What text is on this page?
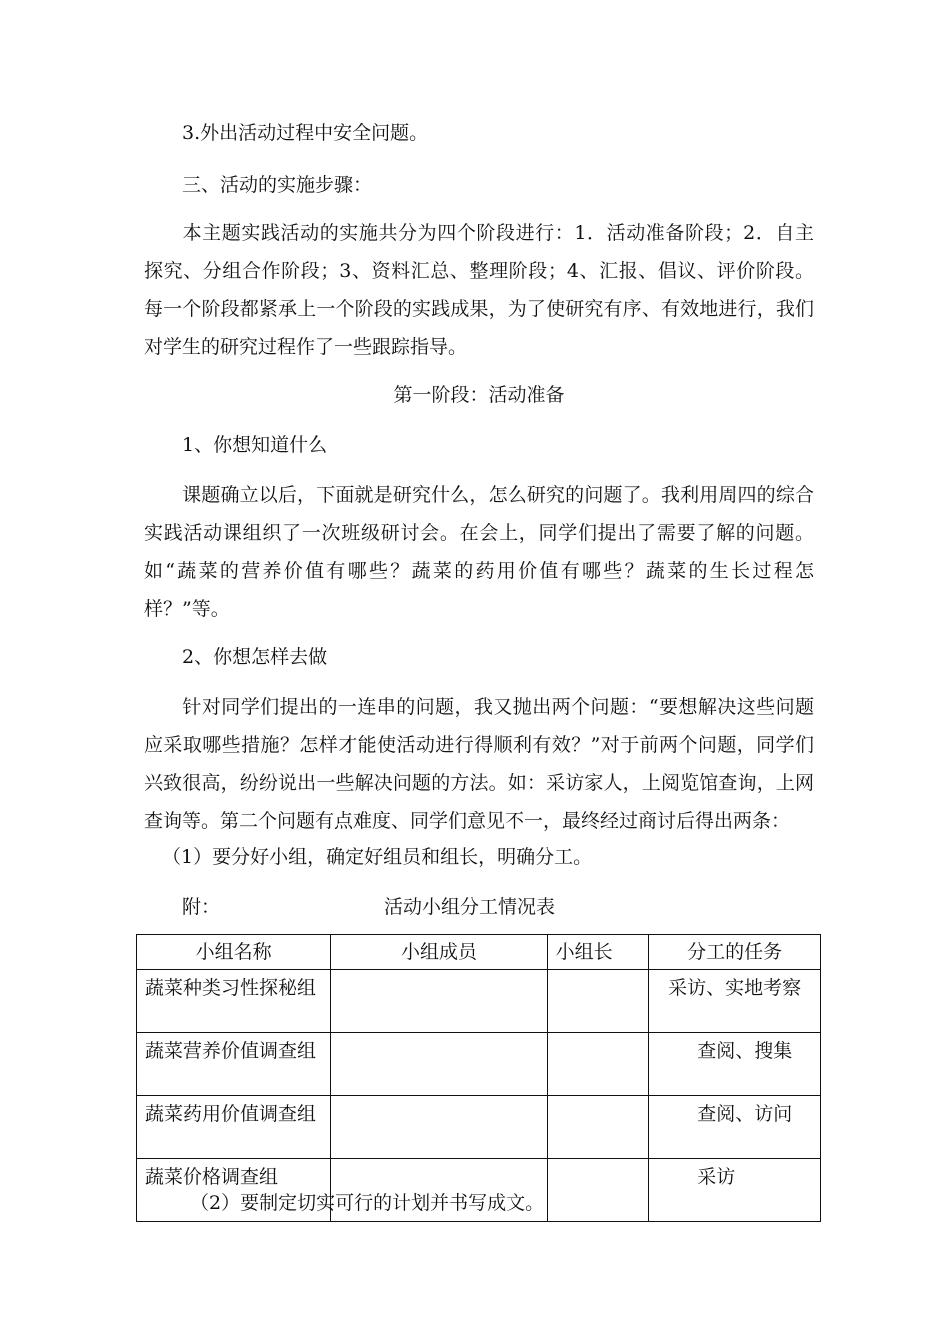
3.外出活动过程中安全问题。
三、活动的实施步骤：
本主题实践活动的实施共分为四个阶段进行：1．活动准备阶段；2．自主探究、分组合作阶段；3、资料汇总、整理阶段；4、汇报、倡议、评价阶段。每一个阶段都紧承上一个阶段的实践成果，为了使研究有序、有效地进行，我们对学生的研究过程作了一些跟踪指导。
第一阶段：活动准备
1、你想知道什么
课题确立以后，下面就是研究什么，怎么研究的问题了。我利用周四的综合实践活动课组织了一次班级研讨会。在会上，同学们提出了需要了解的问题。如“蔬菜的营养价值有哪些？蔬菜的药用价值有哪些？蔬菜的生长过程怎样？”等。
2、你想怎样去做
针对同学们提出的一连串的问题，我又抛出两个问题：“要想解决这些问题应采取哪些措施？怎样才能使活动进行得顺利有效？”对于前两个问题，同学们兴致很高，纷纷说出一些解决问题的方法。如：采访家人，上阅览馆查询，上网查询等。第二个问题有点难度、同学们意见不一，最终经过商讨后得出两条：
（1）要分好小组，确定好组员和组长，明确分工。
附：	活动小组分工情况表
小组名称	小组成员	小组长	分工的任务
蔬菜种类习性探秘组			采访、实地考察
蔬菜营养价值调查组			查阅、搜集
蔬菜药用价值调查组			查阅、访问
蔬菜价格调查组			采访
（2）要制定切实可行的计划并书写成文。
